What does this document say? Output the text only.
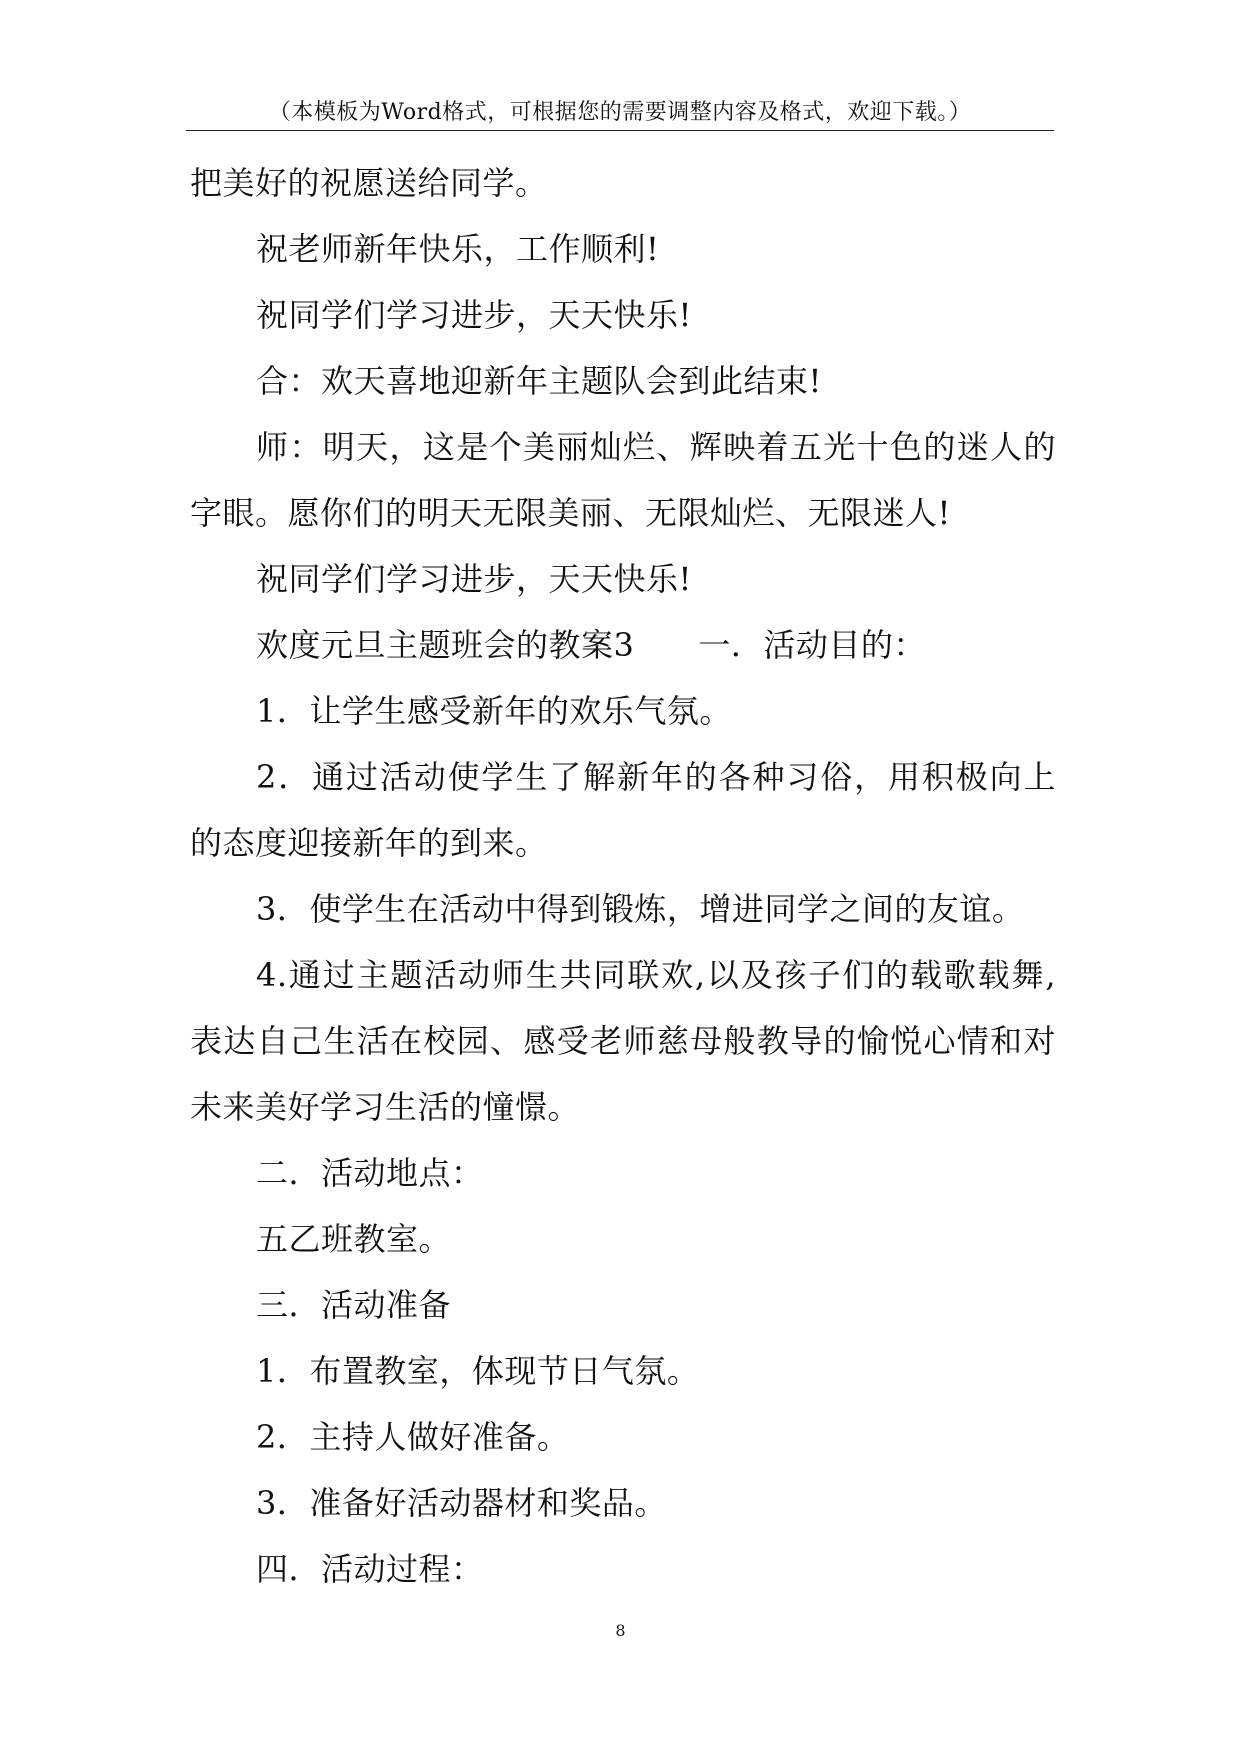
（本模板为Word格式，可根据您的需要调整内容及格式，欢迎下载。）
把美好的祝愿送给同学。
祝老师新年快乐，工作顺利!
祝同学们学习进步，天天快乐!
合：欢天喜地迎新年主题队会到此结束!
师：明天，这是个美丽灿烂、辉映着五光十色的迷人的
字眼。愿你们的明天无限美丽、无限灿烂、无限迷人!
祝同学们学习进步，天天快乐!
欢度元旦主题班会的教案3 一．活动目的：
1．让学生感受新年的欢乐气氛。
2．通过活动使学生了解新年的各种习俗，用积极向上
的态度迎接新年的到来。
3．使学生在活动中得到锻炼，增进同学之间的友谊。
4.通过主题活动师生共同联欢,以及孩子们的载歌载舞,
表达自己生活在校园、感受老师慈母般教导的愉悦心情和对
未来美好学习生活的憧憬。
二．活动地点：
五乙班教室。
三．活动准备
1．布置教室，体现节日气氛。
2．主持人做好准备。
3．准备好活动器材和奖品。
四．活动过程：
8
